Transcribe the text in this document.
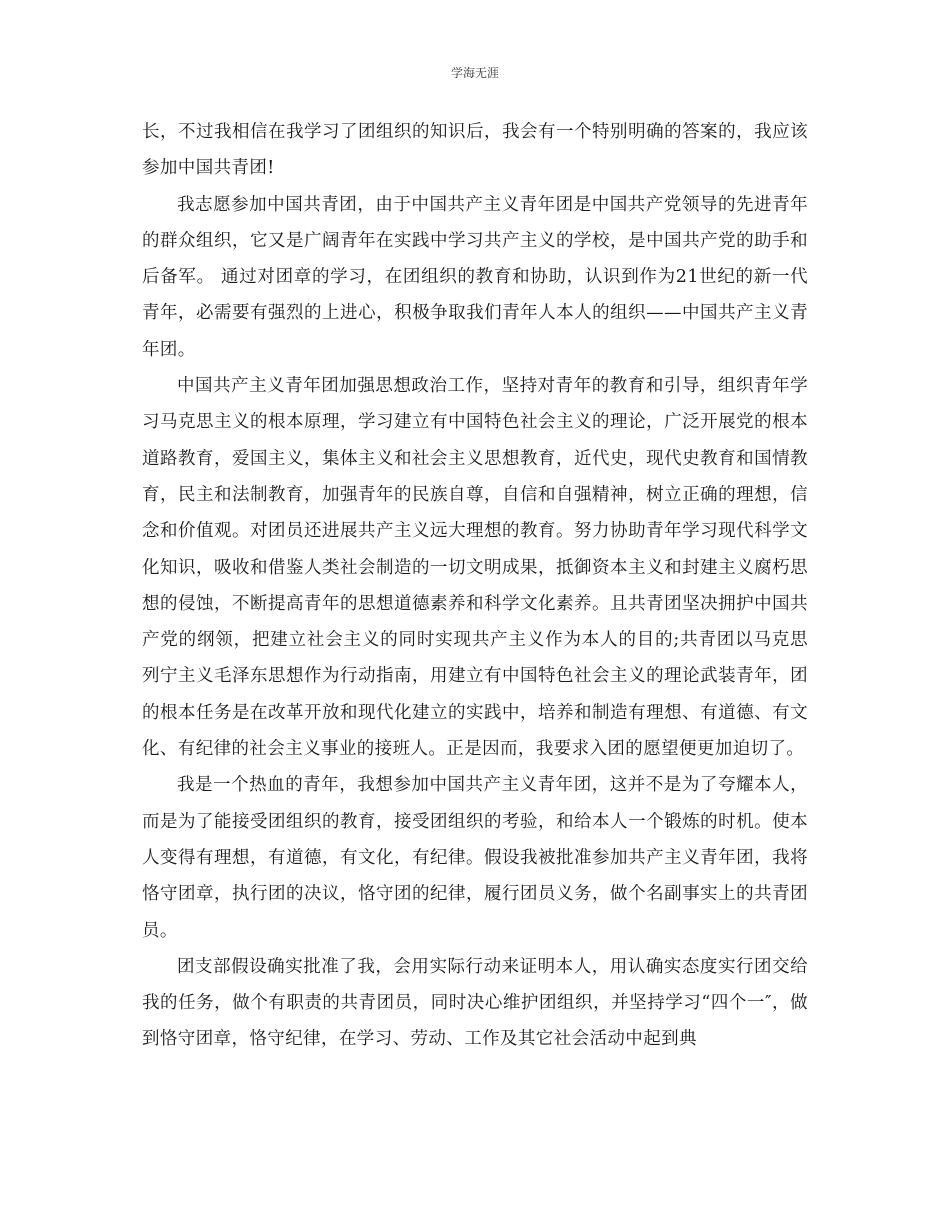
学海无涯

长，不过我相信在我学习了团组织的知识后，我会有一个特别明确的答案的，我应该参加中国共青团!

我志愿参加中国共青团，由于中国共产主义青年团是中国共产党领导的先进青年的群众组织，它又是广阔青年在实践中学习共产主义的学校，是中国共产党的助手和后备军。 通过对团章的学习，在团组织的教育和协助，认识到作为21世纪的新一代青年，必需要有强烈的上进心，积极争取我们青年人本人的组织——中国共产主义青年团。

中国共产主义青年团加强思想政治工作，坚持对青年的教育和引导，组织青年学习马克思主义的根本原理，学习建立有中国特色社会主义的理论，广泛开展党的根本道路教育，爱国主义，集体主义和社会主义思想教育，近代史，现代史教育和国情教育，民主和法制教育，加强青年的民族自尊，自信和自强精神，树立正确的理想，信念和价值观。对团员还进展共产主义远大理想的教育。努力协助青年学习现代科学文化知识，吸收和借鉴人类社会制造的一切文明成果，抵御资本主义和封建主义腐朽思想的侵蚀，不断提高青年的思想道德素养和科学文化素养。且共青团坚决拥护中国共产党的纲领，把建立社会主义的同时实现共产主义作为本人的目的;共青团以马克思列宁主义毛泽东思想作为行动指南，用建立有中国特色社会主义的理论武装青年，团的根本任务是在改革开放和现代化建立的实践中，培养和制造有理想、有道德、有文化、有纪律的社会主义事业的接班人。正是因而，我要求入团的愿望便更加迫切了。

我是一个热血的青年，我想参加中国共产主义青年团，这并不是为了夸耀本人，而是为了能接受团组织的教育，接受团组织的考验，和给本人一个锻炼的时机。使本人变得有理想，有道德，有文化，有纪律。假设我被批准参加共产主义青年团，我将恪守团章，执行团的决议，恪守团的纪律，履行团员义务，做个名副事实上的共青团员。

团支部假设确实批准了我，会用实际行动来证明本人，用认确实态度实行团交给我的任务，做个有职责的共青团员，同时决心维护团组织，并坚持学习“四个一″，做到恪守团章，恪守纪律，在学习、劳动、工作及其它社会活动中起到典
